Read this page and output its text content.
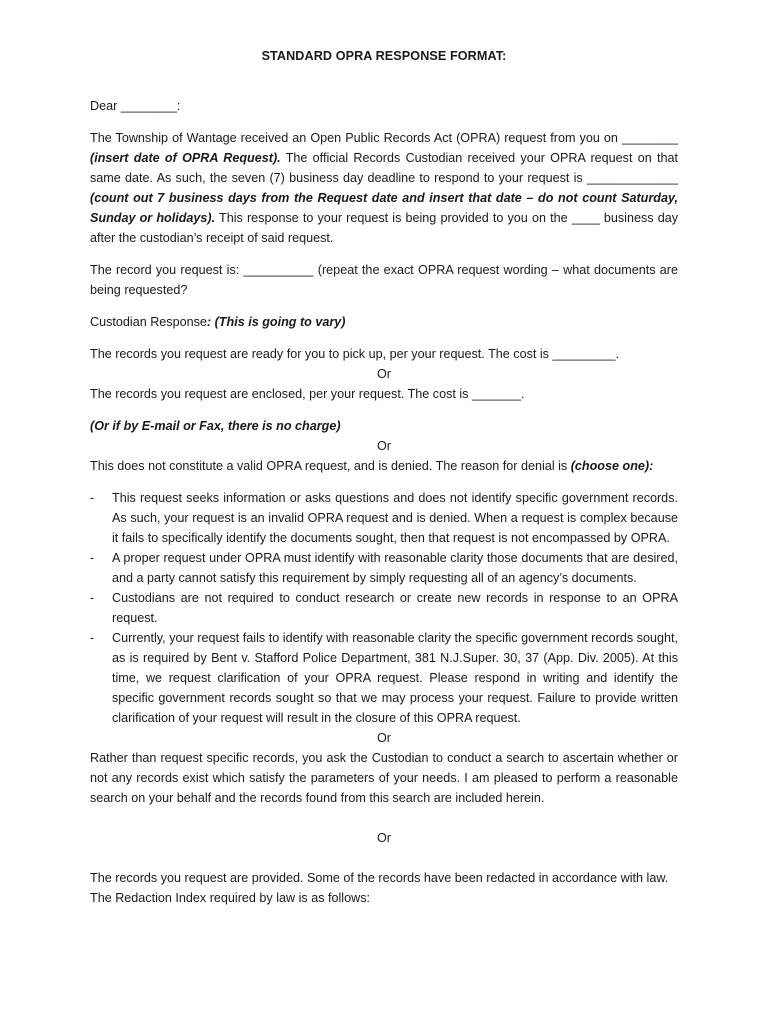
STANDARD OPRA RESPONSE FORMAT:

Dear ________:

The Township of Wantage received an Open Public Records Act (OPRA) request from you on ________ (insert date of OPRA Request). The official Records Custodian received your OPRA request on that same date. As such, the seven (7) business day deadline to respond to your request is _____________ (count out 7 business days from the Request date and insert that date – do not count Saturday, Sunday or holidays). This response to your request is being provided to you on the ____ business day after the custodian’s receipt of said request.

The record you request is: __________ (repeat the exact OPRA request wording – what documents are being requested?

Custodian Response: (This is going to vary)

The records you request are ready for you to pick up, per your request. The cost is _________.

Or

The records you request are enclosed, per your request. The cost is _______.

(Or if by E-mail or Fax, there is no charge)

Or

This does not constitute a valid OPRA request, and is denied. The reason for denial is (choose one):

- This request seeks information or asks questions and does not identify specific government records. As such, your request is an invalid OPRA request and is denied. When a request is complex because it fails to specifically identify the documents sought, then that request is not encompassed by OPRA.
- A proper request under OPRA must identify with reasonable clarity those documents that are desired, and a party cannot satisfy this requirement by simply requesting all of an agency’s documents.
- Custodians are not required to conduct research or create new records in response to an OPRA request.
- Currently, your request fails to identify with reasonable clarity the specific government records sought, as is required by Bent v. Stafford Police Department, 381 N.J.Super. 30, 37 (App. Div. 2005). At this time, we request clarification of your OPRA request. Please respond in writing and identify the specific government records sought so that we may process your request. Failure to provide written clarification of your request will result in the closure of this OPRA request.

Or

Rather than request specific records, you ask the Custodian to conduct a search to ascertain whether or not any records exist which satisfy the parameters of your needs. I am pleased to perform a reasonable search on your behalf and the records found from this search are included herein.

Or

The records you request are provided. Some of the records have been redacted in accordance with law.

The Redaction Index required by law is as follows:
